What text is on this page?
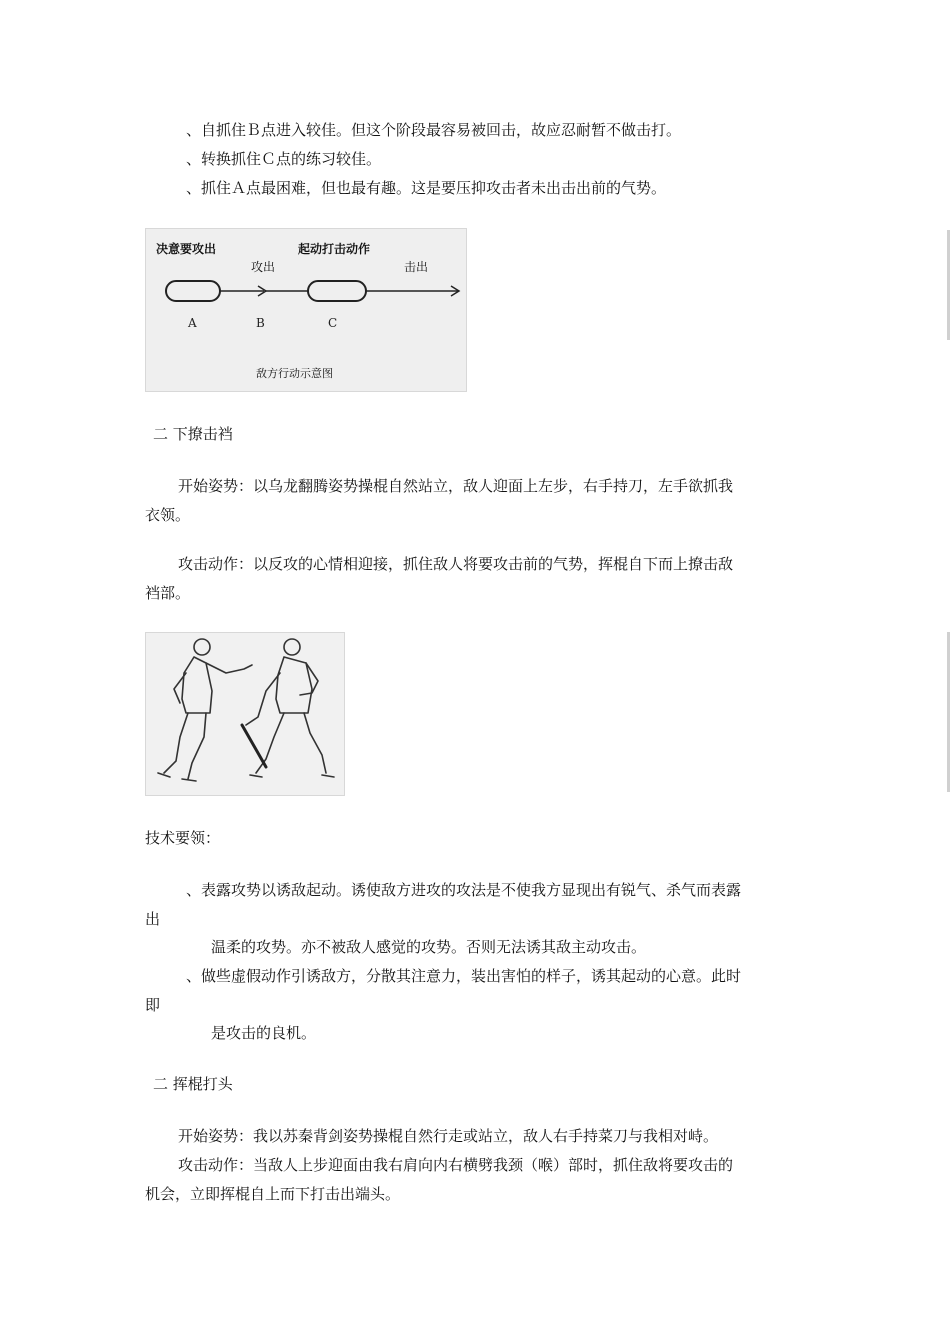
、自抓住Ｂ点进入较佳。但这个阶段最容易被回击，故应忍耐暂不做击打。
、转换抓住Ｃ点的练习较佳。
、抓住Ａ点最困难，但也最有趣。这是要压抑攻击者未出击出前的气势。
决意要攻出	起动打击动作
攻出	击出
A	B	C
敌方行动示意图
二 下撩击裆
开始姿势：以乌龙翻腾姿势操棍自然站立，敌人迎面上左步，右手持刀，左手欲抓我
衣领。
攻击动作：以反攻的心情相迎接，抓住敌人将要攻击前的气势，挥棍自下而上撩击敌
裆部。
技术要领：
、表露攻势以诱敌起动。诱使敌方进攻的攻法是不使我方显现出有锐气、杀气而表露
出
温柔的攻势。亦不被敌人感觉的攻势。否则无法诱其敌主动攻击。
、做些虚假动作引诱敌方，分散其注意力，装出害怕的样子，诱其起动的心意。此时
即
是攻击的良机。
二 挥棍打头
开始姿势：我以苏秦背剑姿势操棍自然行走或站立，敌人右手持菜刀与我相对峙。
攻击动作：当敌人上步迎面由我右肩向内右横劈我颈（喉）部时，抓住敌将要攻击的
机会，立即挥棍自上而下打击出端头。
